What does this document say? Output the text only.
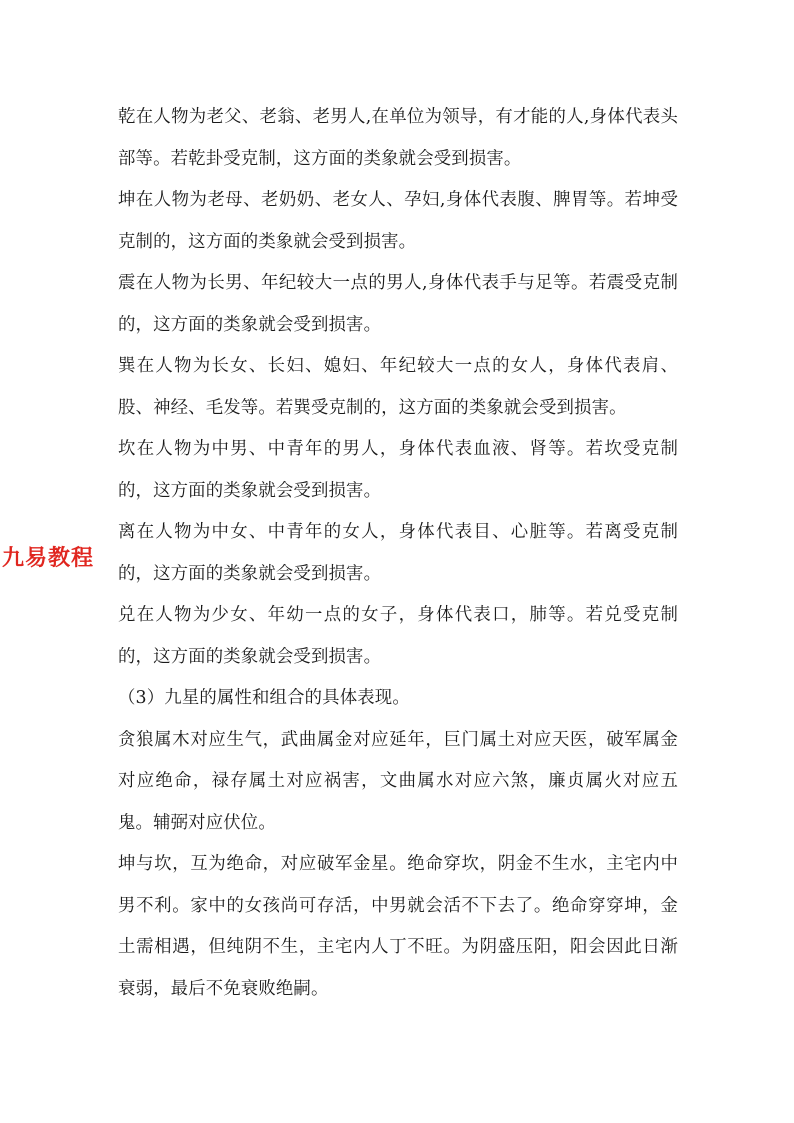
乾在人物为老父、老翁、老男人,在单位为领导，有才能的人,身体代表头部等。若乾卦受克制，这方面的类象就会受到损害。

坤在人物为老母、老奶奶、老女人、孕妇,身体代表腹、脾胃等。若坤受克制的，这方面的类象就会受到损害。

震在人物为长男、年纪较大一点的男人,身体代表手与足等。若震受克制的，这方面的类象就会受到损害。

巽在人物为长女、长妇、媳妇、年纪较大一点的女人，身体代表肩、股、神经、毛发等。若巽受克制的，这方面的类象就会受到损害。

坎在人物为中男、中青年的男人，身体代表血液、肾等。若坎受克制的，这方面的类象就会受到损害。

离在人物为中女、中青年的女人，身体代表目、心脏等。若离受克制的，这方面的类象就会受到损害。

兑在人物为少女、年幼一点的女子，身体代表口，肺等。若兑受克制的，这方面的类象就会受到损害。

（3）九星的属性和组合的具体表现。

贪狼属木对应生气，武曲属金对应延年，巨门属土对应天医，破军属金对应绝命，禄存属土对应祸害，文曲属水对应六煞，廉贞属火对应五鬼。辅弼对应伏位。

坤与坎，互为绝命，对应破军金星。绝命穿坎，阴金不生水，主宅内中男不利。家中的女孩尚可存活，中男就会活不下去了。绝命穿穿坤，金土需相遇，但纯阴不生，主宅内人丁不旺。为阴盛压阳，阳会因此日渐衰弱，最后不免衰败绝嗣。

九易教程
